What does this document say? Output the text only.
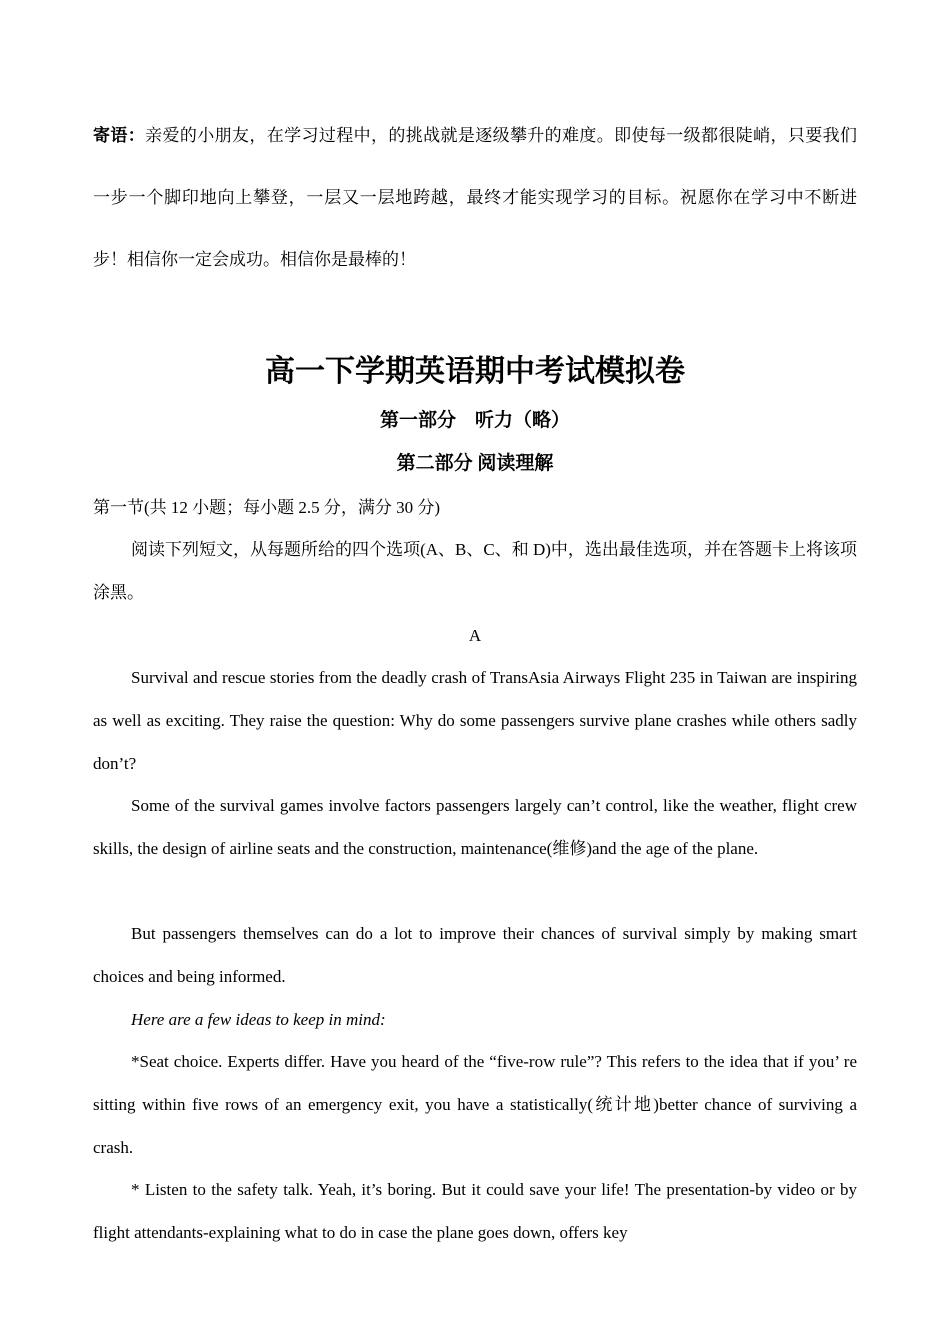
寄语：亲爱的小朋友，在学习过程中，的挑战就是逐级攀升的难度。即使每一级都很陡峭，只要我们一步一个脚印地向上攀登，一层又一层地跨越，最终才能实现学习的目标。祝愿你在学习中不断进步！相信你一定会成功。相信你是最棒的！

高一下学期英语期中考试模拟卷
第一部分　听力（略）
第二部分 阅读理解

第一节(共 12 小题；每小题 2.5 分，满分 30 分)

阅读下列短文，从每题所给的四个选项(A、B、C、和 D)中，选出最佳选项，并在答题卡上将该项涂黑。

A

Survival and rescue stories from the deadly crash of TransAsia Airways Flight 235 in Taiwan are inspiring as well as exciting. They raise the question: Why do some passengers survive plane crashes while others sadly don’t?

Some of the survival games involve factors passengers largely can’t control, like the weather, flight crew skills, the design of airline seats and the construction, maintenance(维修)and the age of the plane.

But passengers themselves can do a lot to improve their chances of survival simply by making smart choices and being informed.

Here are a few ideas to keep in mind:

*Seat choice. Experts differ. Have you heard of the “five-row rule”? This refers to the idea that if you’ re sitting within five rows of an emergency exit, you have a statistically(统计地)better chance of surviving a crash.

* Listen to the safety talk. Yeah, it’s boring. But it could save your life! The presentation-by video or by flight attendants-explaining what to do in case the plane goes down, offers key
